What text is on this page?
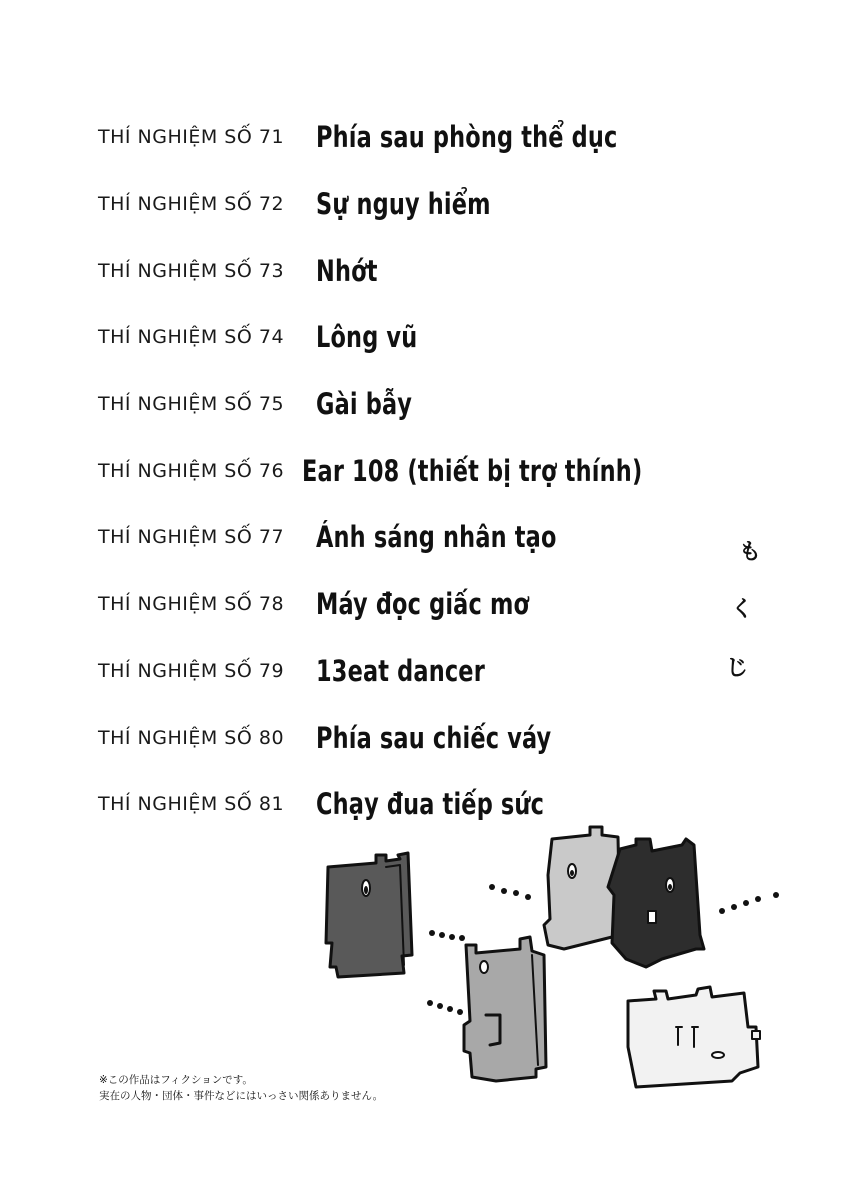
THÍ NGHIỆM SỐ 71	Phía sau phòng thể dục
THÍ NGHIỆM SỐ 72	Sự nguy hiểm
THÍ NGHIỆM SỐ 73	Nhớt
THÍ NGHIỆM SỐ 74	Lông vũ
THÍ NGHIỆM SỐ 75	Gài bẫy
THÍ NGHIỆM SỐ 76 Ear 108 (thiết bị trợ thính)
THÍ NGHIỆM SỐ 77	Ánh sáng nhân tạo
THÍ NGHIỆM SỐ 78	Máy đọc giấc mơ
THÍ NGHIỆM SỐ 79	13eat dancer
THÍ NGHIỆM SỐ 80	Phía sau chiếc váy
THÍ NGHIỆM SỐ 81	Chạy đua tiếp sức
も
く
じ
※この作品はフィクションです。
実在の人物・団体・事件などにはいっさい関係ありません。
